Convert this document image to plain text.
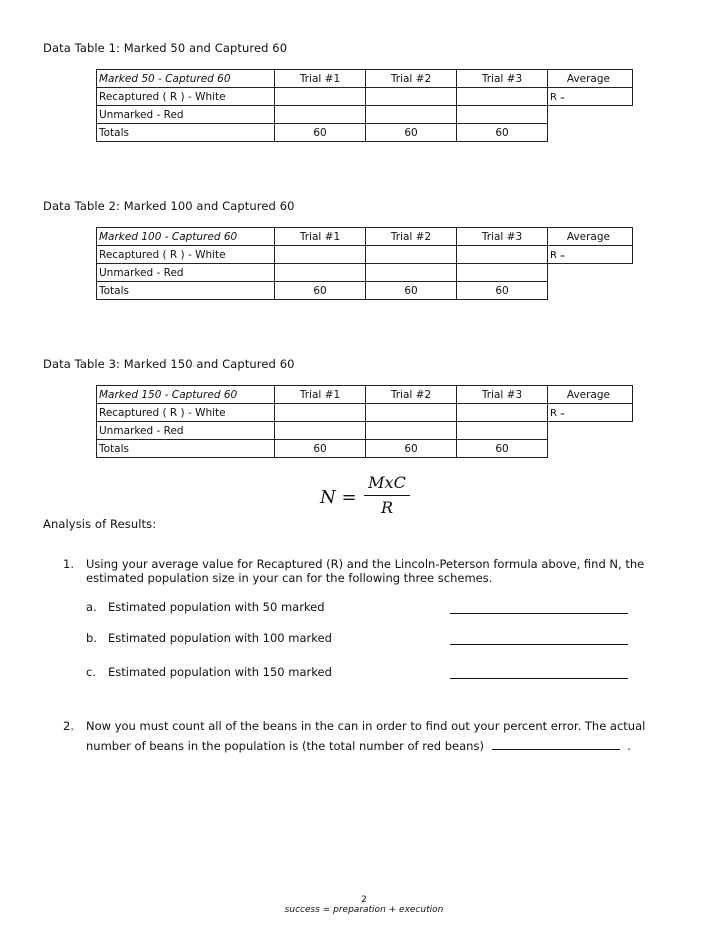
Data Table 1: Marked 50 and Captured 60
Marked 50 - Captured 60	Trial #1	Trial #2	Trial #3	Average
Recaptured ( R ) - White				R =
Unmarked - Red				
Totals	60	60	60	
Data Table 2: Marked 100 and Captured 60
Marked 100 - Captured 60	Trial #1	Trial #2	Trial #3	Average
Recaptured ( R ) - White				R =
Unmarked - Red				
Totals	60	60	60	
Data Table 3: Marked 150 and Captured 60
Marked 150 - Captured 60	Trial #1	Trial #2	Trial #3	Average
Recaptured ( R ) - White				R =
Unmarked - Red				
Totals	60	60	60	
N =
MxC
R
Analysis of Results:
1. Using your average value for Recaptured (R) and the Lincoln-Peterson formula above, find N, the
estimated population size in your can for the following three schemes.
a. Estimated population with 50 marked
b. Estimated population with 100 marked
c. Estimated population with 150 marked
2. Now you must count all of the beans in the can in order to find out your percent error. The actual
number of beans in the population is (the total number of red beans)	.
2
success = preparation + execution
